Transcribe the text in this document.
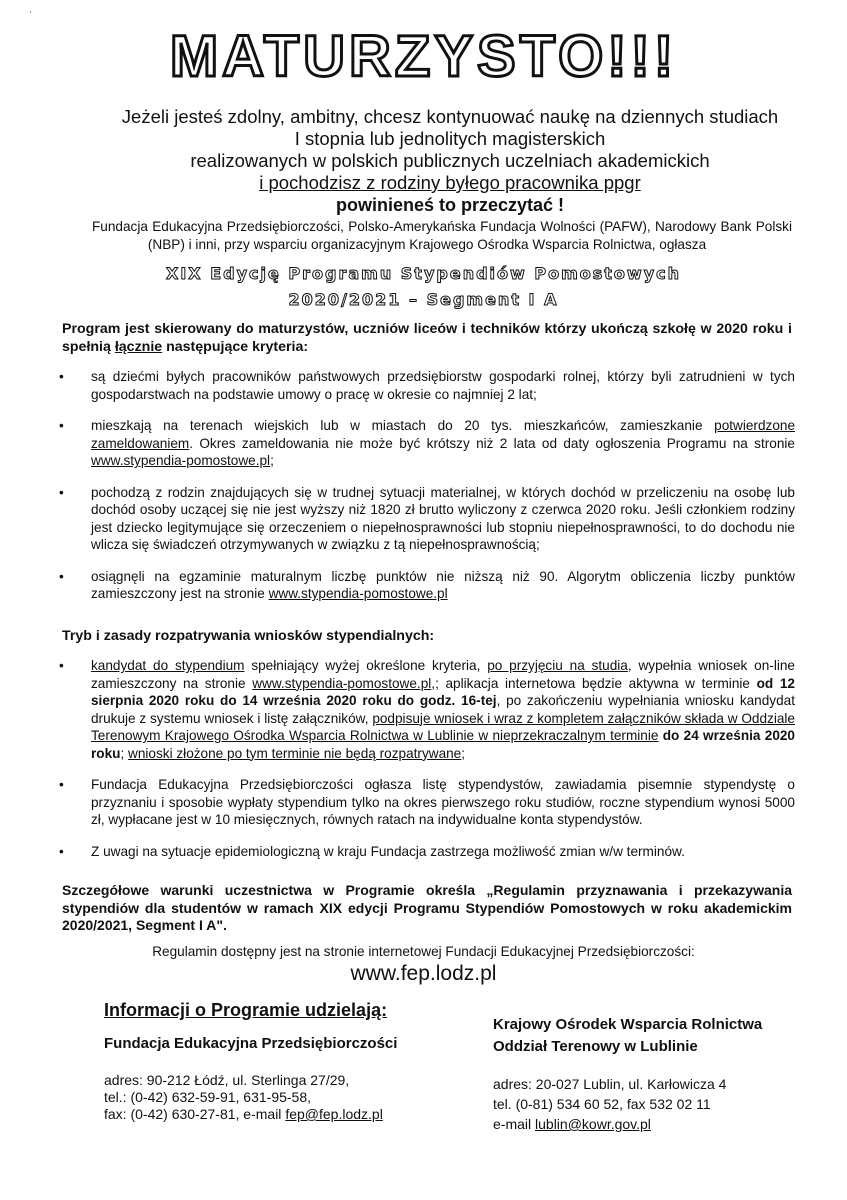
'
MATURZYSTO!!!
Jeżeli jesteś zdolny, ambitny, chcesz kontynuować naukę na dziennych studiach
I stopnia lub jednolitych magisterskich
realizowanych w polskich publicznych uczelniach akademickich
i pochodzisz z rodziny byłego pracownika ppgr
powinieneś to przeczytać !
Fundacja Edukacyjna Przedsiębiorczości, Polsko-Amerykańska Fundacja Wolności (PAFW), Narodowy Bank Polski (NBP) i inni, przy wsparciu organizacyjnym Krajowego Ośrodka Wsparcia Rolnictwa, ogłasza
XIX Edycję Programu Stypendiów Pomostowych
2020/2021 – Segment I A
Program jest skierowany do maturzystów, uczniów liceów i techników którzy ukończą szkołę w 2020 roku i spełnią łącznie następujące kryteria:
• są dziećmi byłych pracowników państwowych przedsiębiorstw gospodarki rolnej, którzy byli zatrudnieni w tych gospodarstwach na podstawie umowy o pracę w okresie co najmniej 2 lat;
• mieszkają na terenach wiejskich lub w miastach do 20 tys. mieszkańców, zamieszkanie potwierdzone zameldowaniem. Okres zameldowania nie może być krótszy niż 2 lata od daty ogłoszenia Programu na stronie www.stypendia-pomostowe.pl;
• pochodzą z rodzin znajdujących się w trudnej sytuacji materialnej, w których dochód w przeliczeniu na osobę lub dochód osoby uczącej się nie jest wyższy niż 1820 zł brutto wyliczony z czerwca 2020 roku. Jeśli członkiem rodziny jest dziecko legitymujące się orzeczeniem o niepełnosprawności lub stopniu niepełnosprawności, to do dochodu nie wlicza się świadczeń otrzymywanych w związku z tą niepełnosprawnością;
• osiągnęli na egzaminie maturalnym liczbę punktów nie niższą niż 90. Algorytm obliczenia liczby punktów zamieszczony jest na stronie www.stypendia-pomostowe.pl
Tryb i zasady rozpatrywania wniosków stypendialnych:
• kandydat do stypendium spełniający wyżej określone kryteria, po przyjęciu na studia, wypełnia wniosek on-line zamieszczony na stronie www.stypendia-pomostowe.pl,; aplikacja internetowa będzie aktywna w terminie od 12 sierpnia 2020 roku do 14 września 2020 roku do godz. 16-tej, po zakończeniu wypełniania wniosku kandydat drukuje z systemu wniosek i listę załączników, podpisuje wniosek i wraz z kompletem załączników składa w Oddziale Terenowym Krajowego Ośrodka Wsparcia Rolnictwa w Lublinie w nieprzekraczalnym terminie do 24 września 2020 roku; wnioski złożone po tym terminie nie będą rozpatrywane;
• Fundacja Edukacyjna Przedsiębiorczości ogłasza listę stypendystów, zawiadamia pisemnie stypendystę o przyznaniu i sposobie wypłaty stypendium tylko na okres pierwszego roku studiów, roczne stypendium wynosi 5000 zł, wypłacane jest w 10 miesięcznych, równych ratach na indywidualne konta stypendystów.
• Z uwagi na sytuacje epidemiologiczną w kraju Fundacja zastrzega możliwość zmian w/w terminów.
Szczegółowe warunki uczestnictwa w Programie określa „Regulamin przyznawania i przekazywania stypendiów dla studentów w ramach XIX edycji Programu Stypendiów Pomostowych w roku akademickim 2020/2021, Segment I A".
Regulamin dostępny jest na stronie internetowej Fundacji Edukacyjnej Przedsiębiorczości:
www.fep.lodz.pl
Informacji o Programie udzielają:
Fundacja Edukacyjna Przedsiębiorczości
adres: 90-212 Łódź, ul. Sterlinga 27/29,
tel.: (0-42) 632-59-91, 631-95-58,
fax: (0-42) 630-27-81, e-mail fep@fep.lodz.pl
Krajowy Ośrodek Wsparcia Rolnictwa
Oddział Terenowy w Lublinie
adres: 20-027 Lublin, ul. Karłowicza 4
tel. (0-81) 534 60 52, fax 532 02 11
e-mail lublin@kowr.gov.pl
